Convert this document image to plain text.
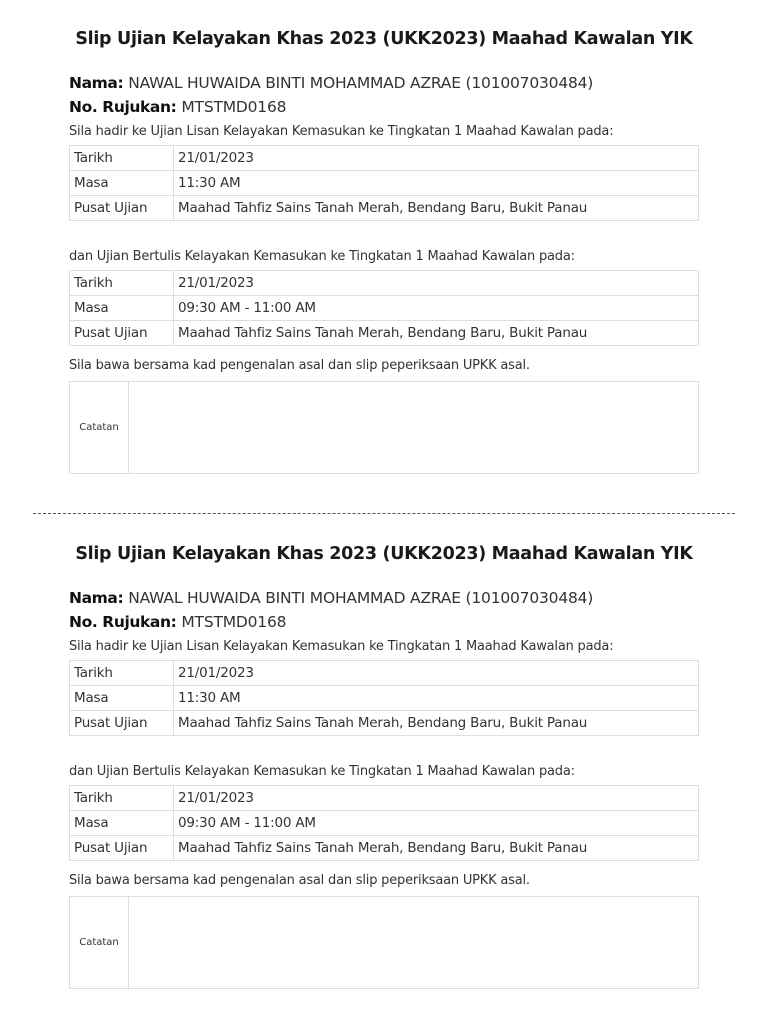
Slip Ujian Kelayakan Khas 2023 (UKK2023) Maahad Kawalan YIK
Nama: NAWAL HUWAIDA BINTI MOHAMMAD AZRAE (101007030484)
No. Rujukan: MTSTMD0168
Sila hadir ke Ujian Lisan Kelayakan Kemasukan ke Tingkatan 1 Maahad Kawalan pada:
Tarikh	21/01/2023
Masa	11:30 AM
Pusat Ujian	Maahad Tahfiz Sains Tanah Merah, Bendang Baru, Bukit Panau
dan Ujian Bertulis Kelayakan Kemasukan ke Tingkatan 1 Maahad Kawalan pada:
Tarikh	21/01/2023
Masa	09:30 AM - 11:00 AM
Pusat Ujian	Maahad Tahfiz Sains Tanah Merah, Bendang Baru, Bukit Panau
Sila bawa bersama kad pengenalan asal dan slip peperiksaan UPKK asal.
Catatan
Slip Ujian Kelayakan Khas 2023 (UKK2023) Maahad Kawalan YIK
Nama: NAWAL HUWAIDA BINTI MOHAMMAD AZRAE (101007030484)
No. Rujukan: MTSTMD0168
Sila hadir ke Ujian Lisan Kelayakan Kemasukan ke Tingkatan 1 Maahad Kawalan pada:
Tarikh	21/01/2023
Masa	11:30 AM
Pusat Ujian	Maahad Tahfiz Sains Tanah Merah, Bendang Baru, Bukit Panau
dan Ujian Bertulis Kelayakan Kemasukan ke Tingkatan 1 Maahad Kawalan pada:
Tarikh	21/01/2023
Masa	09:30 AM - 11:00 AM
Pusat Ujian	Maahad Tahfiz Sains Tanah Merah, Bendang Baru, Bukit Panau
Sila bawa bersama kad pengenalan asal dan slip peperiksaan UPKK asal.
Catatan
